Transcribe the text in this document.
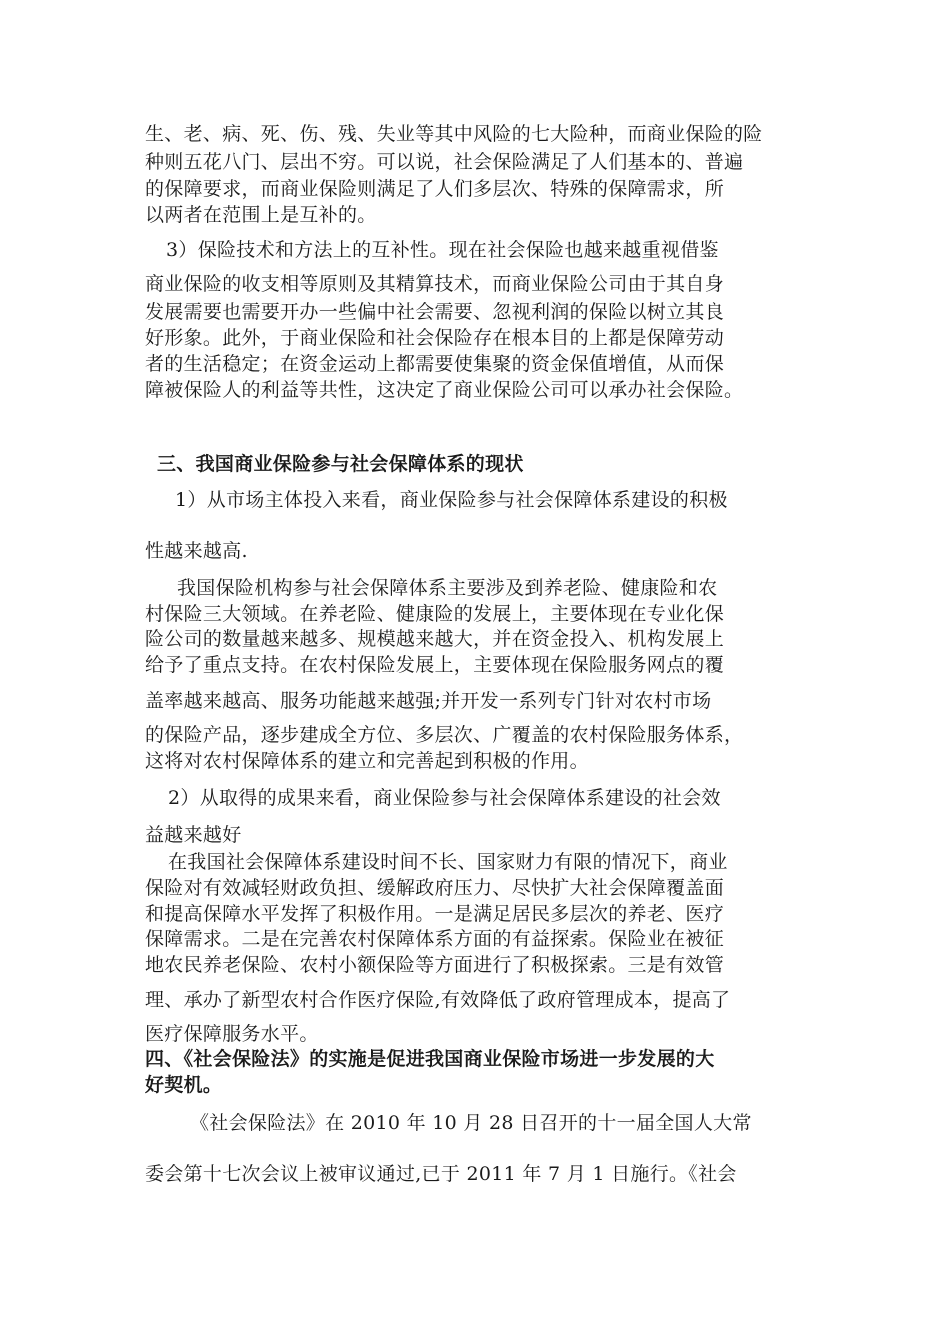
生、老、病、死、伤、残、失业等其中风险的七大险种，而商业保险的险

种则五花八门、层出不穷。可以说，社会保险满足了人们基本的、普遍

的保障要求，而商业保险则满足了人们多层次、特殊的保障需求，所

以两者在范围上是互补的。

3）保险技术和方法上的互补性。现在社会保险也越来越重视借鉴

商业保险的收支相等原则及其精算技术，而商业保险公司由于其自身

发展需要也需要开办一些偏中社会需要、忽视利润的保险以树立其良

好形象。此外，于商业保险和社会保险存在根本目的上都是保障劳动

者的生活稳定；在资金运动上都需要使集聚的资金保值增值，从而保

障被保险人的利益等共性，这决定了商业保险公司可以承办社会保险。

三、我国商业保险参与社会保障体系的现状

1）从市场主体投入来看，商业保险参与社会保障体系建设的积极

性越来越高.

我国保险机构参与社会保障体系主要涉及到养老险、健康险和农

村保险三大领域。在养老险、健康险的发展上，主要体现在专业化保

险公司的数量越来越多、规模越来越大，并在资金投入、机构发展上

给予了重点支持。在农村保险发展上，主要体现在保险服务网点的覆

盖率越来越高、服务功能越来越强;并开发一系列专门针对农村市场

的保险产品，逐步建成全方位、多层次、广覆盖的农村保险服务体系，

这将对农村保障体系的建立和完善起到积极的作用。

2）从取得的成果来看，商业保险参与社会保障体系建设的社会效

益越来越好

在我国社会保障体系建设时间不长、国家财力有限的情况下，商业

保险对有效减轻财政负担、缓解政府压力、尽快扩大社会保障覆盖面

和提高保障水平发挥了积极作用。一是满足居民多层次的养老、医疗

保障需求。二是在完善农村保障体系方面的有益探索。保险业在被征

地农民养老保险、农村小额保险等方面进行了积极探索。三是有效管

理、承办了新型农村合作医疗保险,有效降低了政府管理成本，提高了

医疗保障服务水平。

四、《社会保险法》的实施是促进我国商业保险市场进一步发展的大

好契机。

《社会保险法》在 2010 年 10 月 28 日召开的十一届全国人大常

委会第十七次会议上被审议通过,已于 2011 年 7 月 1 日施行。《社会
